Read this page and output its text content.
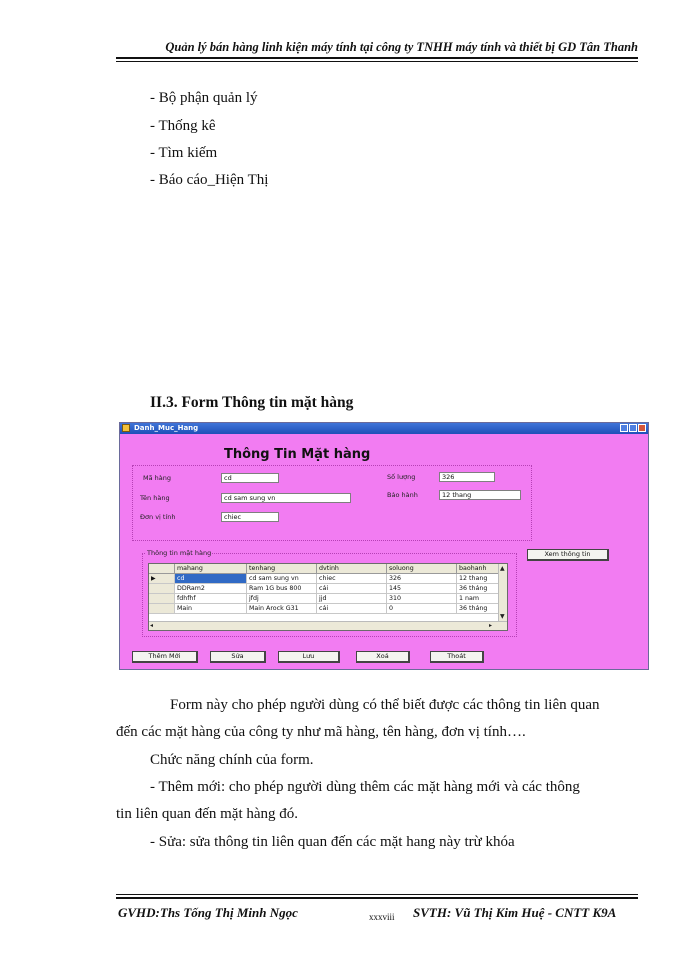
Quản lý bán hàng linh kiện máy tính tại công ty TNHH máy tính và thiết bị GD Tân Thanh
- Bộ phận quản lý
- Thống kê
- Tìm kiếm
- Báo cáo_Hiện Thị
II.3. Form Thông tin mặt hàng
Danh_Muc_Hang
Thông Tin Mặt hàng
Mã hàng	cd
Tên hàng	cd sam sung vn
Đơn vị tính	chiec
Số lượng	326
Bảo hành	12 thang
Thông tin mặt hàng	Xem thông tin
mahang	tenhang	dvtinh	soluong	baohanh
▶	cd	cd sam sung vn	chiec	326	12 thang
DDRam2	Ram 1G bus 800	cái	145	36 tháng
fdhfhf	jfdj	jjd	310	1 nam
Main	Main Arock G31	cái	0	36 tháng
▲
▼
◂	▸
Thêm Mới	Sửa	Lưu	Xoá	Thoát
Form này cho phép người dùng có thể biết được các thông tin liên quan
đến các mặt hàng của công ty như mã hàng, tên hàng, đơn vị tính….
Chức năng chính của form.
- Thêm mới: cho phép người dùng thêm các mặt hàng mới và các thông
tin liên quan đến mặt hàng đó.
- Sửa: sửa thông tin liên quan đến các mặt hang này trừ khóa
GVHD:Ths Tống Thị Minh Ngọc	xxxviii SVTH: Vũ Thị Kim Huệ - CNTT K9A
